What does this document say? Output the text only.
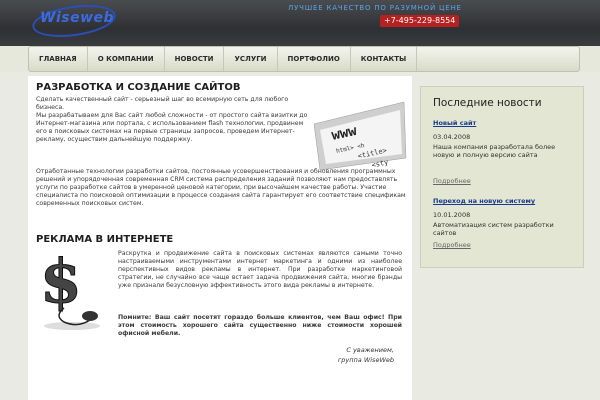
Wiseweb
ЛУЧШЕЕ КАЧЕСТВО ПО РАЗУМНОЙ ЦЕНЕ
+7-495-229-8554
ГЛАВНАЯ	О КОМПАНИИ	НОВОСТИ	УСЛУГИ	ПОРТФОЛИО	КОНТАКТЫ
РАЗРАБОТКА И СОЗДАНИЕ САЙТОВ
Сделать качественный сайт - серьезный шаг во всемирную сеть для любого бизнеса.
Мы разрабатываем для Вас сайт любой сложности - от простого сайта визитки до Интернет-магазина или портала, с использованием flash технологии, продвинем его в поисковых системах на первые страницы запросов, проведем Интернет-рекламу, осуществим дальнейшую поддержку.
Отработанные технологии разработки сайтов, постоянные усовершенствования и обновления программных решений и упорядоченная современная CRM система распределения заданий позволяют нам предоставлять услуги по разработке сайтов в умеренной ценовой категории, при высочайшем качестве работы. Участие специалиста по поисковой оптимизации в процессе создания сайта гарантирует его соответствие спецификам современных поисковых систем.
www
html> <h
<title>
<sty
РЕКЛАМА В ИНТЕРНЕТЕ
$	Раскрутка и продвижение сайта в поисковых системах являются самыми точно настраиваемыми инструментами интернет маркетинга и одними из наиболее перспективных видов рекламы в интернет. При разработке маркетинговой стратегии, не случайно все чаще встает задача продвижения сайта, многие брэнды уже признали безусловную эффективность этого вида рекламы в интернете.
Помните: Ваш сайт посетят гораздо больше клиентов, чем Ваш офис! При этом стоимость хорошего сайта существенно ниже стоимости хорошей офисной мебели.
С уважением,
группа WiseWeb
Последние новости
Новый сайт
03.04.2008
Наша компания разработала более новую и полную версию сайта
Подробнее
Переход на новую систему
10.01.2008
Автоматизация систем разработки сайтов
Подробнее
